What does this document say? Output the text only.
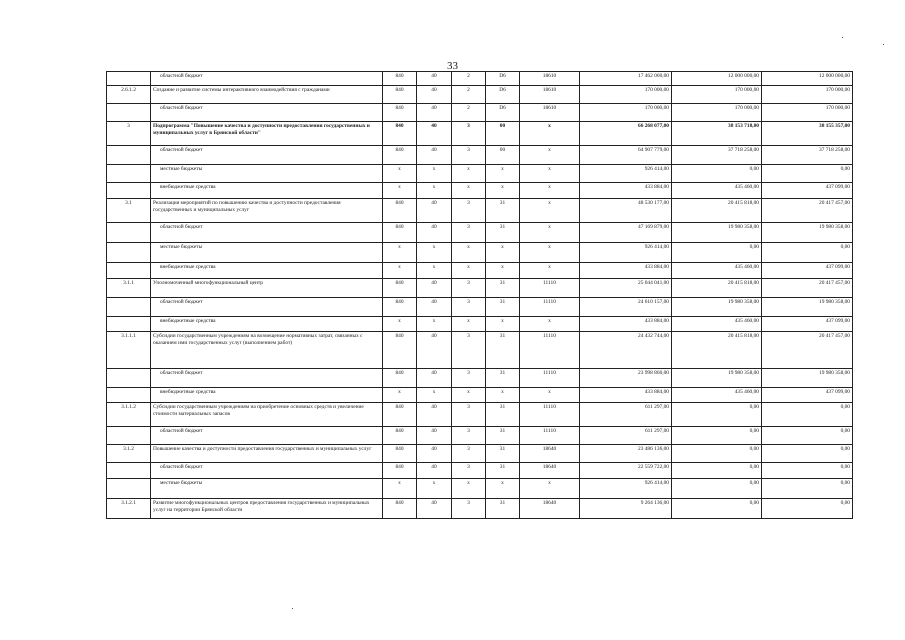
33
	областной бюджет	840	40	2	D6	18610	17 462 000,00	12 000 000,00	12 000 000,00
2.6.1.2	Создание и развитие системы интерактивного взаимодействия с гражданами	840	40	2	D6	18610	170 000,00	170 000,00	170 000,00
	областной бюджет	840	40	2	D6	18610	170 000,00	170 000,00	170 000,00
3	Подпрограмма "Повышение качества и доступности предоставления государственных и муниципальных услуг в Брянской области"	840	40	3	00	х	66 268 077,00	38 153 718,00	38 155 357,00
	областной бюджет	840	40	3	00	х	64 907 779,00	37 718 258,00	37 718 258,00
	местные бюджеты	х	х	х	х	х	926 414,00	0,00	0,00
	внебюджетные средства	х	х	х	х	х	433 884,00	435 460,00	437 099,00
3.1	Реализация мероприятий по повышению качества и доступности предоставления государственных и муниципальных услуг	840	40	3	31	х	48 530 177,00	20 415 818,00	20 417 457,00
	областной бюджет	840	40	3	31	х	47 169 879,00	19 980 358,00	19 980 358,00
	местные бюджеты	х	х	х	х	х	926 414,00	0,00	0,00
	внебюджетные средства	х	х	х	х	х	433 884,00	435 460,00	437 099,00
3.1.1	Уполномоченный многофункциональный центр	840	40	3	31	11110	25 044 041,00	20 415 818,00	20 417 457,00
	областной бюджет	840	40	3	31	11110	24 610 157,00	19 980 358,00	19 980 358,00
	внебюджетные средства	х	х	х	х	х	433 884,00	435 460,00	437 099,00
3.1.1.1	Субсидии государственным учреждениям на возмещение нормативных затрат, связанных с оказанием ими государственных услуг (выполнением работ)	840	40	3	31	11110	24 432 744,00	20 415 818,00	20 417 457,00
	областной бюджет	840	40	3	31	11110	23 998 860,00	19 980 358,00	19 980 358,00
	внебюджетные средства	х	х	х	х	х	433 884,00	435 460,00	437 099,00
3.1.1.2	Субсидии государственным учреждениям на приобретение основных средств и увеличение стоимости материальных запасов	840	40	3	31	11110	611 297,00	0,00	0,00
	областной бюджет	840	40	3	31	11110	611 297,00	0,00	0,00
3.1.2	Повышение качества и доступности предоставления государственных и муниципальных услуг	840	40	3	31	18640	23 486 136,00	0,00	0,00
	областной бюджет	840	40	3	31	18640	22 559 722,00	0,00	0,00
	местные бюджеты	х	х	х	х	х	926 414,00	0,00	0,00
3.1.2.1	Развитие многофункциональных центров предоставления государственных и муниципальных услуг на территории Брянской области	840	40	3	31	18640	9 264 136,00	0,00	0,00
